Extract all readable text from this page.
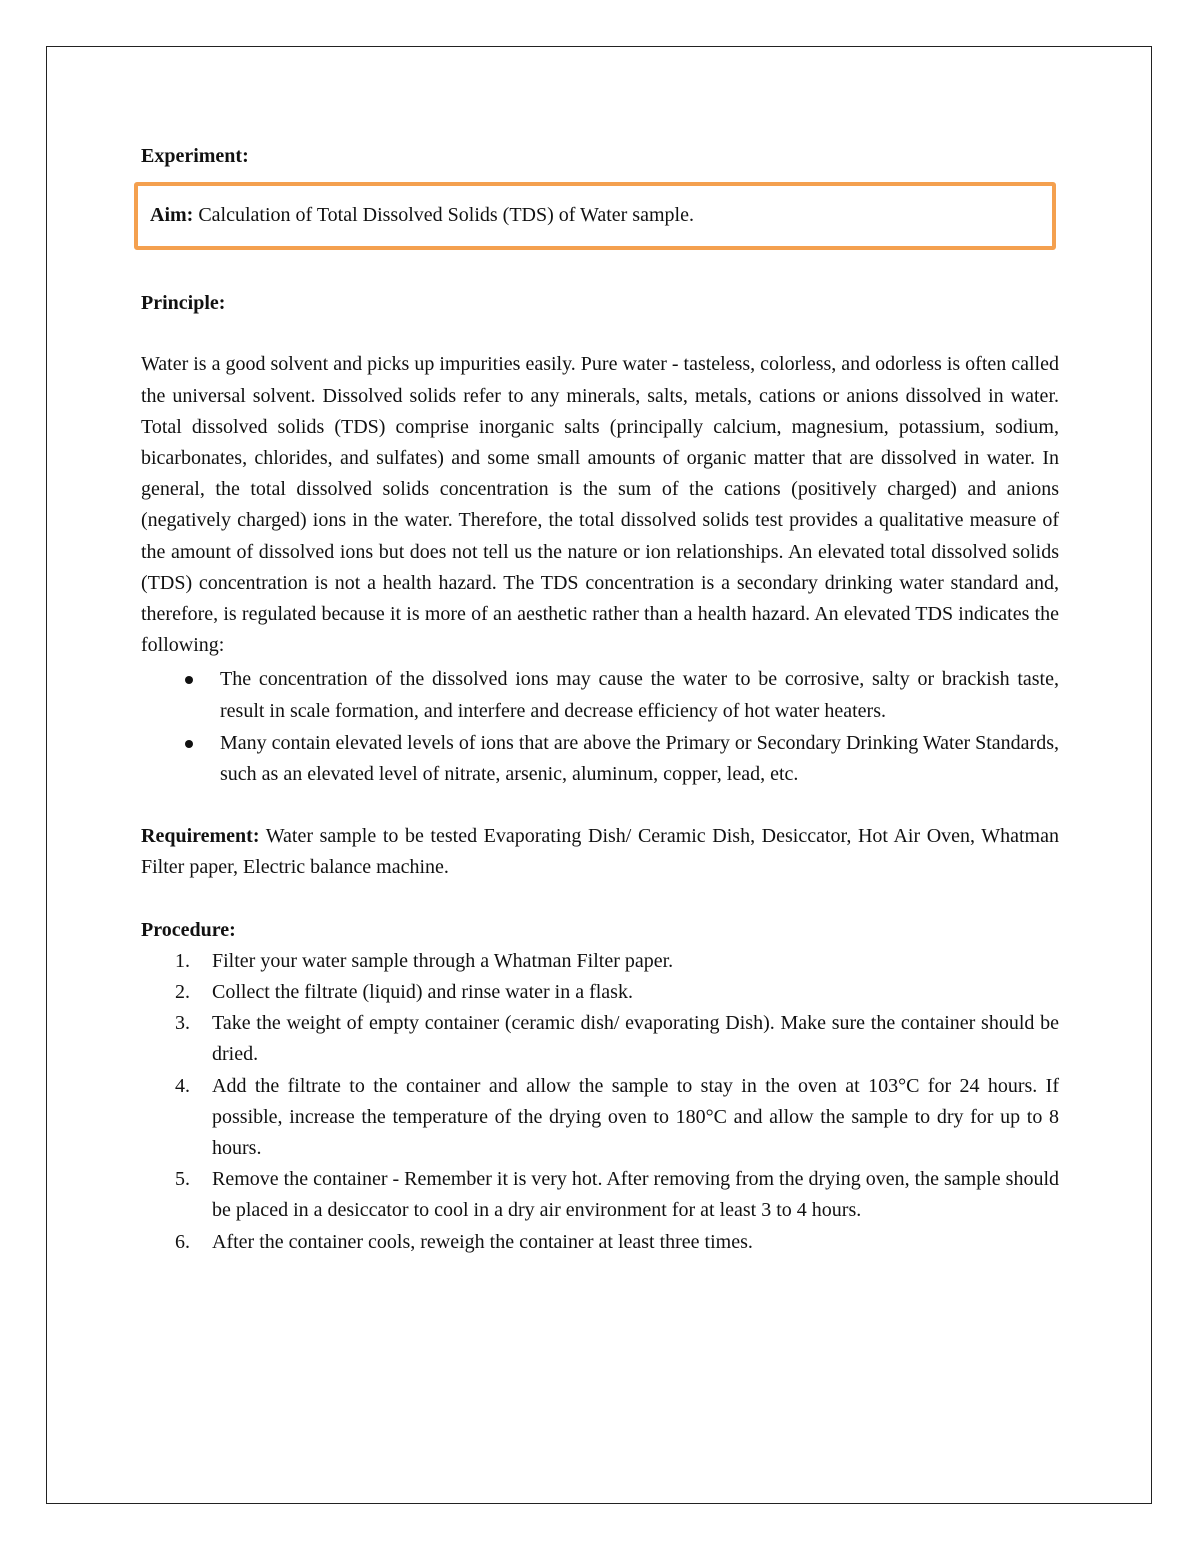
Experiment:

Aim: Calculation of Total Dissolved Solids (TDS) of Water sample.

Principle:

Water is a good solvent and picks up impurities easily. Pure water - tasteless, colorless, and odorless is often called the universal solvent. Dissolved solids refer to any minerals, salts, metals, cations or anions dissolved in water. Total dissolved solids (TDS) comprise inorganic salts (principally calcium, magnesium, potassium, sodium, bicarbonates, chlorides, and sulfates) and some small amounts of organic matter that are dissolved in water. In general, the total dissolved solids concentration is the sum of the cations (positively charged) and anions (negatively charged) ions in the water. Therefore, the total dissolved solids test provides a qualitative measure of the amount of dissolved ions but does not tell us the nature or ion relationships. An elevated total dissolved solids (TDS) concentration is not a health hazard. The TDS concentration is a secondary drinking water standard and, therefore, is regulated because it is more of an aesthetic rather than a health hazard. An elevated TDS indicates the following:

The concentration of the dissolved ions may cause the water to be corrosive, salty or brackish taste, result in scale formation, and interfere and decrease efficiency of hot water heaters.
Many contain elevated levels of ions that are above the Primary or Secondary Drinking Water Standards, such as an elevated level of nitrate, arsenic, aluminum, copper, lead, etc.

Requirement: Water sample to be tested Evaporating Dish/ Ceramic Dish, Desiccator, Hot Air Oven, Whatman Filter paper, Electric balance machine.

Procedure:

1. Filter your water sample through a Whatman Filter paper.
2. Collect the filtrate (liquid) and rinse water in a flask.
3. Take the weight of empty container (ceramic dish/ evaporating Dish). Make sure the container should be dried.
4. Add the filtrate to the container and allow the sample to stay in the oven at 103°C for 24 hours. If possible, increase the temperature of the drying oven to 180°C and allow the sample to dry for up to 8 hours.
5. Remove the container - Remember it is very hot. After removing from the drying oven, the sample should be placed in a desiccator to cool in a dry air environment for at least 3 to 4 hours.
6. After the container cools, reweigh the container at least three times.
